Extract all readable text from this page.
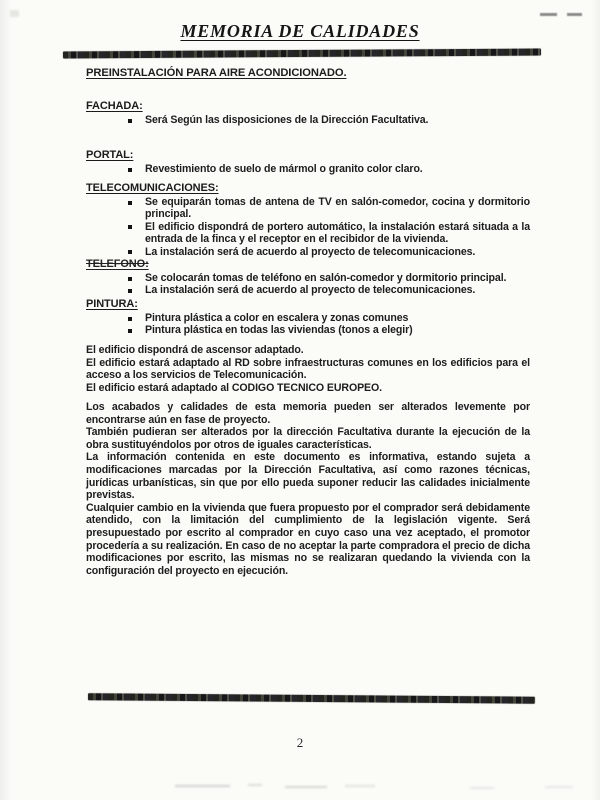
MEMORIA DE CALIDADES
PREINSTALACIÓN PARA AIRE ACONDICIONADO.
FACHADA:
Será Según las disposiciones de la Dirección Facultativa.
PORTAL:
Revestimiento de suelo de mármol o granito color claro.
TELECOMUNICACIONES:
Se equiparán tomas de antena de TV en salón-comedor, cocina y dormitorio principal.
El edificio dispondrá de portero automático, la instalación estará situada a la entrada de la finca y el receptor en el recibidor de la vivienda.
La instalación será de acuerdo al proyecto de telecomunicaciones.
TELEFONO:
Se colocarán tomas de teléfono en salón-comedor y dormitorio principal.
La instalación será de acuerdo al proyecto de telecomunicaciones.
PINTURA:
Pintura plástica a color en escalera y zonas comunes
Pintura plástica en todas las viviendas (tonos a elegir)

El edificio dispondrá de ascensor adaptado.

El edificio estará adaptado al RD sobre infraestructuras comunes en los edificios para el acceso a los servicios de Telecomunicación.

El edificio estará adaptado al CODIGO TECNICO EUROPEO.

Los acabados y calidades de esta memoria pueden ser alterados levemente por encontrarse aún en fase de proyecto.

También pudieran ser alterados por la dirección Facultativa durante la ejecución de la obra sustituyéndolos por otros de iguales características.

La información contenida en este documento es informativa, estando sujeta a modificaciones marcadas por la Dirección Facultativa, así como razones técnicas, jurídicas urbanísticas, sin que por ello pueda suponer reducir las calidades inicialmente previstas.

Cualquier cambio en la vivienda que fuera propuesto por el comprador será debidamente atendido, con la limitación del cumplimiento de la legislación vigente. Será presupuestado por escrito al comprador en cuyo caso una vez aceptado, el promotor procedería a su realización. En caso de no aceptar la parte compradora el precio de dicha modificaciones por escrito, las mismas no se realizaran quedando la vivienda con la configuración del proyecto en ejecución.

2
